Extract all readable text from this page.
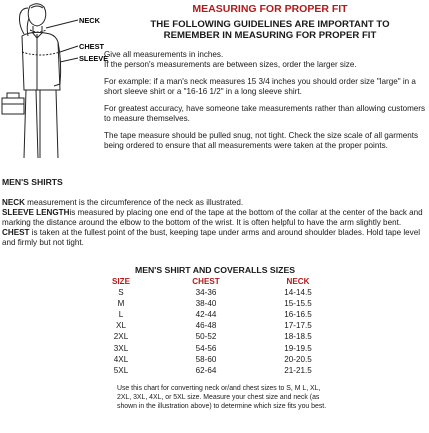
NECK
CHEST
SLEEVE
MEASURING FOR PROPER FIT
THE FOLLOWING GUIDELINES ARE IMPORTANT TO
REMEMBER IN MEASURING FOR PROPER FIT

Give all measurements in inches.
If the person's measurements are between sizes, order the larger size.

For example: if a man's neck measures 15 3/4 inches you should order size "large" in a short sleeve shirt or a "16-16 1/2" in a long sleeve shirt.

For greatest accuracy, have someone take measurements rather than allowing customers to measure themselves.

The tape measure should be pulled snug, not tight. Check the size scale of all garments being ordered to ensure that all measurements were taken at the proper points.

MEN'S SHIRTS

NECK measurement is the circumference of the neck as illustrated.

SLEEVE LENGTHis measured by placing one end of the tape at the bottom of the collar at the center of the back and marking the distance around the elbow to the bottom of the wrist. It is often helpful to have the arm slightly bent.

CHEST is taken at the fullest point of the bust, keeping tape under arms and around shoulder blades. Hold tape level and firmly but not tight.

MEN'S SHIRT AND COVERALLS SIZES
SIZE	CHEST	NECK
S	34-36	14-14.5
M	38-40	15-15.5
L	42-44	16-16.5
XL	46-48	17-17.5
2XL	50-52	18-18.5
3XL	54-56	19-19.5
4XL	58-60	20-20.5
5XL	62-64	21-21.5
Use this chart for converting neck or/and chest sizes to S, M L, XL, 2XL, 3XL, 4XL, or 5XL size. Measure your chest size and neck (as shown in the illustration above) to determine which size fits you best.
